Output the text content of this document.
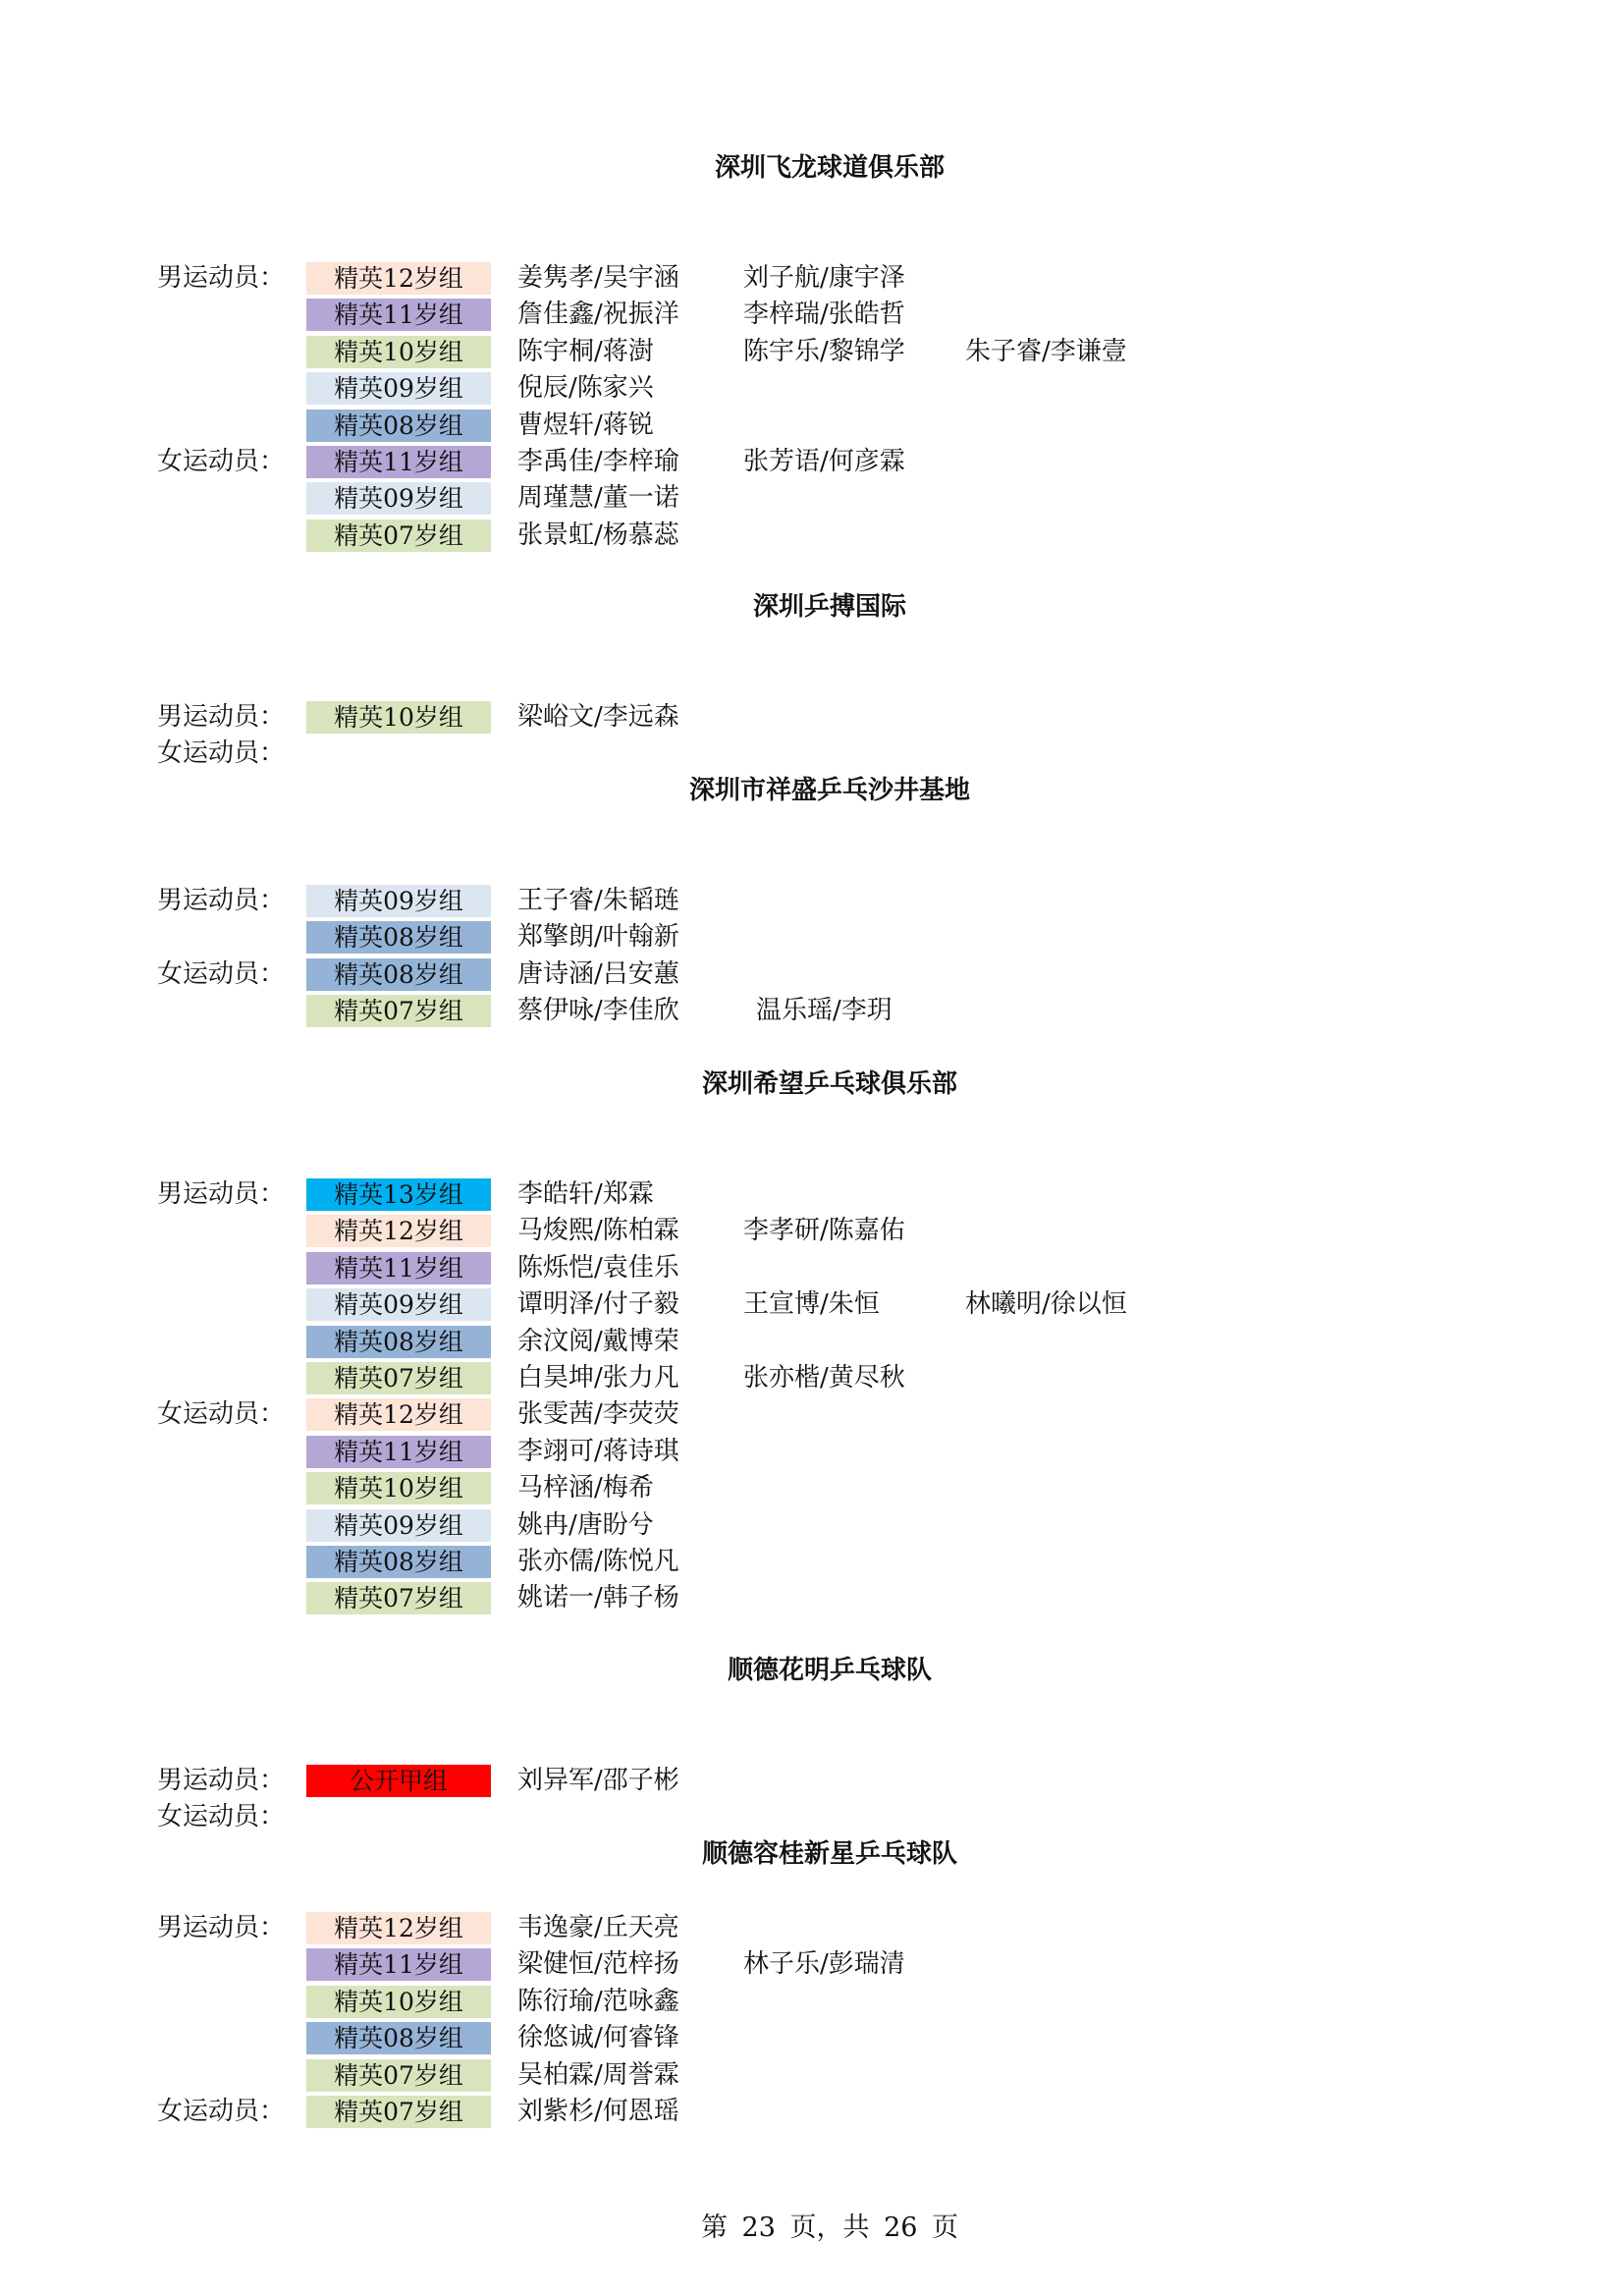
深圳飞龙球道俱乐部
男运动员：	精英12岁组	姜隽孝/吴宇涵	刘子航/康宇泽
精英11岁组	詹佳鑫/祝振洋	李梓瑞/张皓哲
精英10岁组	陈宇桐/蒋澍	陈宇乐/黎锦学 朱子睿/李谦壹
精英09岁组	倪辰/陈家兴
精英08岁组	曹煜轩/蒋锐
女运动员：	精英11岁组	李禹佳/李梓瑜	张芳语/何彦霖
精英09岁组	周瑾慧/董一诺
精英07岁组	张景虹/杨慕蕊
深圳乒搏国际
男运动员：	精英10岁组	梁峪文/李远森
女运动员：
深圳市祥盛乒乓沙井基地
男运动员：	精英09岁组	王子睿/朱韬琏
精英08岁组	郑擎朗/叶翰新
女运动员：	精英08岁组	唐诗涵/吕安蕙
精英07岁组	蔡伊咏/李佳欣	温乐瑶/李玥
深圳希望乒乓球俱乐部
男运动员：	精英13岁组	李皓轩/郑霖
精英12岁组	马焌熙/陈柏霖	李孝研/陈嘉佑
精英11岁组	陈烁恺/袁佳乐
精英09岁组	谭明泽/付子毅	王宣博/朱恒	林曦明/徐以恒
精英08岁组	余汶阅/戴博荣
精英07岁组	白昊坤/张力凡	张亦楷/黄尽秋
女运动员：	精英12岁组	张雯茜/李荧荧
精英11岁组	李翊可/蒋诗琪
精英10岁组	马梓涵/梅希
精英09岁组	姚冉/唐盼兮
精英08岁组	张亦儒/陈悦凡
精英07岁组	姚诺一/韩子杨
顺德花明乒乓球队
男运动员：	公开甲组	刘异军/邵子彬
女运动员：
顺德容桂新星乒乓球队
男运动员：	精英12岁组	韦逸豪/丘天亮
精英11岁组	梁健恒/范梓扬	林子乐/彭瑞清
精英10岁组	陈衍瑜/范咏鑫
精英08岁组	徐悠诚/何睿锋
精英07岁组	吴柏霖/周誉霖
女运动员：	精英07岁组	刘紫杉/何恩瑶
第 23 页，共 26 页
